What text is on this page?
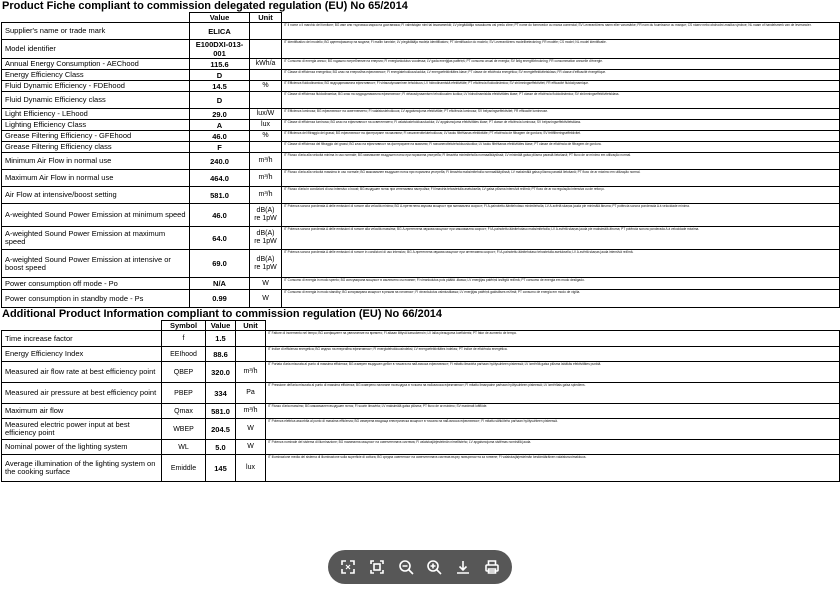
Product Fiche compliant to commission delegated regulation (EU) No 65/2014
	Value	Unit	
Supplier's name or trade mark	ELICA		IT Il nome o il marchio del fornitore; BG име или търговска марка на доставчика; FI valmistajan nimi tai tavaramerkki; LV piegādātāja nosaukums vai preču zīme; PT nome do fornecedor ou marca comercial; SV Leverantörens namn eller varumärke; FR nom du fournisseur ou marque; CS název nebo obchodní značka výrobce; NL naam of handelsmerk van de leverancier.
Model identifier	E100DXI-013-001		IT Identificativo del modello; BG идентификатор на модела; FI mallin tunniste; LV piegādātāja modeļa identifikators; PT identificador do modelo; SV Leverantörens modellbeteckning; FR modèle; CS model; NL model identificatie.
Annual Energy Consumption - AEChood	115.6	kWh/a	IT Consumo di energia annuo; BG годишно потребление на енергия; FI energiankulutus vuodessa; LV gada enerģijas patēriņš; PT consumo anual de energia; SV årlig energiförbrukning; FR consommation annuelle d'énergie.
Energy Efficiency Class	D		IT Classe di efficienza energetica; BG клас на енергийна ефективност; FI energiatehokkuusluokka; LV energoefektivitātes klase; PT classe de eficiência energética; SV energieffektivitetsklass; FR classe d'efficacité énergétique.
Fluid Dynamic Efficiency - FDEhood	14.5	%	IT Efficienza fluidodinamica; BG хидродинамична ефективност; FI virtausdynaaminen tehokkuus; LV hidrodinamiskā efektivitāte; PT eficiência fluidodinâmica; SV strömningseffektivitet; FR efficacité fluidodynamique.
Fluid Dynamic Efficiency class	D		IT Classe di efficienza fluidodinamica; BG клас на хидродинамична ефективност; FI virtausdynaamisen tehokkuuden luokka; LV hidrodinamiskās efektivitātes klase; PT classe de eficiência fluidodinâmica; SV strömningseffektivitetsklass.
Light Efficiency - LEhood	29.0	lux/W	IT Efficienza luminosa; BG ефективност на осветлението; FI valaistustehokkuus; LV apgaismojuma efektivitāte; PT eficiência luminosa; SV belysningseffektivitet; FR efficacité lumineuse.
Lighting Efficiency Class	A	lux	IT Classe di efficienza luminosa; BG клас на ефективност на осветлението; FI valaistustehokkuusluokka; LV apgaismojuma efektivitātes klase; PT classe de eficiência luminosa; SV belysningseffektivitetsklass.
Grease Filtering Efficiency - GFEhood	46.0	%	IT Efficienza del filtraggio dei grassi; BG ефективност на филтриране на мазнини; FI rasvanerottelutehokkuus; LV tauku filtrēšanas efektivitāte; PT eficiência de filtragem de gordura; SV fettfiltreringseffektivitet.
Grease Filtering Efficiency class	F		IT Classe di efficienza del filtraggio dei grassi; BG клас на ефективност на филтриране на мазнини; FI rasvanerottelutehokkuusluokka; LV tauku filtrēšanas efektivitātes klase; PT classe de eficiência de filtragem de gordura.
Minimum Air Flow in normal use	240.0	m³/h	IT Flusso d'aria alla velocità minima in uso normale; BG минимален въздушен поток при нормална употреба; FI ilmavirta minimiteholla normaalikäytössä; LV minimālā gaisa plūsma parastā lietošanā; PT fluxo de ar mínimo em utilização normal.
Maximum Air Flow in normal use	464.0	m³/h	IT Flusso d'aria alla velocità massima in uso normale; BG максимален въздушен поток при нормална употреба; FI ilmavirta maksimiteholla normaalikäytössä; LV maksimālā gaisa plūsma parastā lietošanā; PT fluxo de ar máximo em utilização normal.
Air Flow at intensive/boost setting	581.0	m³/h	IT Flusso d'aria in condizioni di uso intensivo o boost; BG въздушен поток при интензивна настройка; FI ilmavirta tehostetulla asetuksella; LV gaisa plūsma intensīvā režīmā; PT fluxo de ar na regulação intensiva ou de reforço.
A-weighted Sound Power Emission at minimum speed	46.0	dB(A) re 1pW	IT Potenza sonora ponderata A delle emissioni di rumore alla velocità minima; BG А-претеглена звукова мощност при минимална скорост; FI A-painotettu äänitehotaso minimiteholla; LV A-svērtā skaņas jauda pie minimālā ātruma; PT potência sonora ponderada A à velocidade mínima.
A-weighted Sound Power Emission at maximum speed	64.0	dB(A) re 1pW	IT Potenza sonora ponderata A delle emissioni di rumore alla velocità massima; BG А-претеглена звукова мощност при максимална скорост; FI A-painotettu äänitehotaso maksimiteholla; LV A-svērtā skaņas jauda pie maksimālā ātruma; PT potência sonora ponderada A à velocidade máxima.
A-weighted Sound Power Emission at intensive or boost speed	69.0	dB(A) re 1pW	IT Potenza sonora ponderata A delle emissioni di rumore in condizioni di uso intensivo; BG А-претеглена звукова мощност при интензивна скорост; FI A-painotettu äänitehotaso tehostetulla asetuksella; LV A-svērtā skaņas jauda intensīvā režīmā.
Power consumption off mode - Po	N/A	W	IT Consumo di energia in modo spento; BG консумирана мощност в изключено състояние; FI virrankulutus pois päältä -tilassa; LV enerģijas patēriņš izslēgtā režīmā; PT consumo de energia em modo desligado.
Power consumption in standby mode - Ps	0.99	W	IT Consumo di energia in modo standby; BG консумирана мощност в режим на готовност; FI virrankulutus valmiustilassa; LV enerģijas patēriņš gaidstāves režīmā; PT consumo de energia em modo de vigília.
Additional Product Information compliant to commission regulation (EU) No 66/2014
	Symbol	Value	Unit	
Time increase factor	f	1.5		IT Fattore di incremento nel tempo; BG коефициент на увеличение на времето; FI aikaan liittyvä kasvukerroin; LV laika pieauguma koeficients; PT fator de aumento de tempo.
Energy Efficiency Index	EEIhood	88.6		IT Indice di efficienza energetica; BG индекс на енергийна ефективност; FI energiatehokkuusindeksi; LV energoefektivitātes indekss; PT índice de eficiência energética.
Measured air flow rate at best efficiency point	QBEP	320.0	m³/h	IT Portata d'aria misurata al punto di massima efficienza; BG измерен въздушен дебит в точката на най-висока ефективност; FI mitattu ilmavirta parhaan hyötysuhteen pisteessä; LV izmērītā gaisa plūsma labākās efektivitātes punktā.
Measured air pressure at best efficiency point	PBEP	334	Pa	IT Pressione dell'aria misurata al punto di massima efficienza; BG измерено налягане на въздуха в точката на най-висока ефективност; FI mitattu ilmanpaine parhaan hyötysuhteen pisteessä; LV izmērītais gaisa spiediens.
Maximum air flow	Qmax	581.0	m³/h	IT Flusso d'aria massimo; BG максимален въздушен поток; FI suurin ilmavirta; LV maksimālā gaisa plūsma; PT fluxo de ar máximo; SV maximalt luftflöde.
Measured electric power input at best efficiency point	WBEP	204.5	W	IT Potenza elettrica assorbita al punto di massima efficienza; BG измерена входяща електрическа мощност в точката на най-висока ефективност; FI mitattu sähköteho parhaan hyötysuhteen pisteessä.
Nominal power of the lighting system	WL	5.0	W	IT Potenza nominale del sistema di illuminazione; BG номинална мощност на осветителната система; FI valaistusjärjestelmän nimellisteho; LV apgaismojuma sistēmas nominālā jauda.
Average illumination of the lighting system on the cooking surface	Emiddle	145	lux	IT Illuminazione media del sistema di illuminazione sulla superficie di cottura; BG средна осветеност на осветителната система върху повърхността за готвене; FI valaistusjärjestelmän keskimääräinen valaistusvoimakkuus.
